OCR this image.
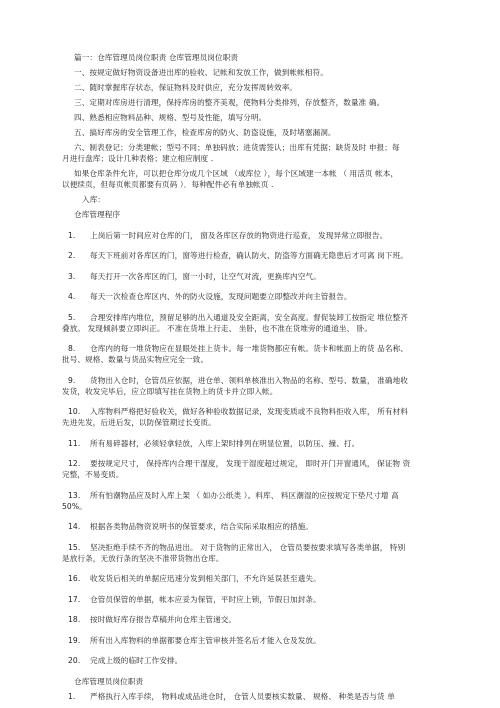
篇一：仓库管理员岗位职责 仓库管理员岗位职责
一、按规定做好物资设备进出库的验收、记帐和发放工作，做到帐帐相符。
二、随时掌握库存状态，保证物料及时供应，充分发挥周转效率。
三、定期对库房进行清理，保持库房的整齐美观，使物料分类排列，存放整齐，数量准 确。
四、熟悉相应物料品种、规格、型号及性能，填写分明。
五、搞好库房的安全管理工作，检查库房的防火、防盗设施，及时堵塞漏洞。
六、制表登记；分类建帐；型号不同；单独码放；进货需签认；出库有凭据；缺货及时 申报；每
月进行盘库；设计几种表格；建立相应制度 .
如果仓库条件允许，可以把仓库分成几个区域 （或库位 ），每个区域建一本帐 （ 用活页 帐本，
以便续页，但每页帐页都要有页码 ）．每种配件必有单独帐页 .
入库：
仓库管理程序
1. 上岗后第一时间应对仓库的门， 窗及各库区存放的物资进行巡查， 发现异常立即报告。
2. 每天下班前对各库区的门，窗等进行检查，确认防火、防盗等方面确无隐患后才可离 岗下班。
3. 每天打开一次各库区的门，窗一小时，让空气对流，更换库内空气。
4. 每天一次检查仓库区内、外的防火设施，发现问题要立即整改并向主管报告。
5. 合理安排库内堆位，预留足够的出入通道及安全距离，安全高度。督促装卸工按指定 堆位整齐
叠放。 发现倾斜要立即纠正。 不准在货堆上行走、 坐卧，也不准在货堆旁的通道坐、 卧。
8. 仓库内的每一堆货物应在显眼处挂上货卡。每一堆货物都应有帐。货卡和帐面上的货 品名称、
批号、规格、数量与货品实物应完全一致。
9. 货物出入仓时，仓管员应依据，进仓单、领料单核准出入物品的名称、型号、数量， 准确地收
发货，收发完毕后，应立即填写挂在货物上的货卡并立即入帐。
10. 入库物料严格把好验收关，做好各种验收数据记录，发现变质或不良物料拒收入库， 所有材料
先进先发，后进后发，以防保管期过长变质。
11. 所有易碎器材，必须轻拿轻放，入库上架时排列在明显位置，以防压、撞、打。
12. 要按规定尺寸， 保持库内合理干湿度， 发现干湿度超过规定， 即时开门开窗通风， 保证物 资
完整，不易变质。
13. 所有怕潮物品应及时入库上架 （ 如办公纸类 ）。料库、 料区潮湿的应按规定下垫尺寸增 高
50%。
14. 根据各类物品物资说明书的保管要求，结合实际采取相应的措施。
15. 坚决拒绝手续不齐的物品进出。 对于货物的正常出入， 仓管员要按要求填写各类单据， 特别
是放行条，无放行条的坚决不准带货物出仓库。
16. 收发货后相关的单据应迅速分发到相关部门，不允许延误甚至遗失。
17. 仓管员保管的单据，帐本应妥为保管，平时应上锁，节假日加封条。
18. 按时做好库存报告草稿并向仓库主管递交。
19. 所有出入库物料的单据都要仓库主管审核并签名后才能入仓及发放。
20. 完成上级的临时工作安排。
仓库管理员岗位职责
1. 严格执行入库手续， 物料或成品进仓时， 仓管人员要核实数量、 规格、 种类是否与货 单
